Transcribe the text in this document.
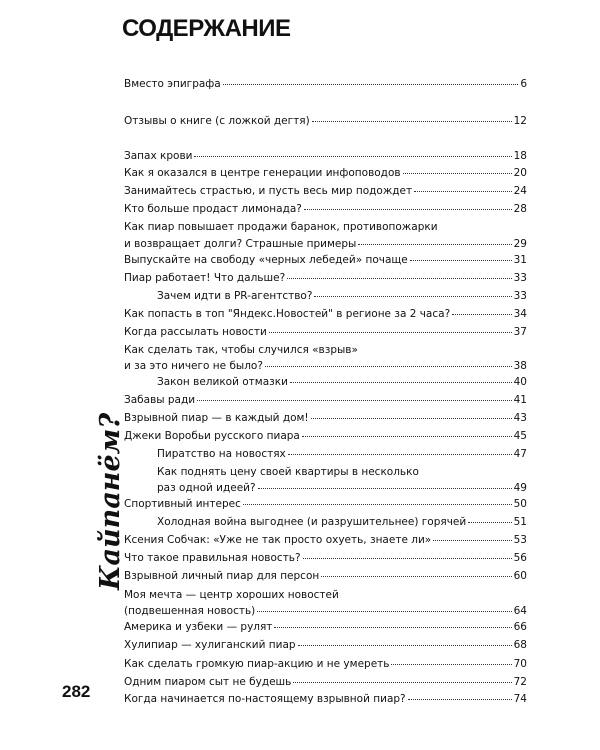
СОДЕРЖАНИЕ
Вместо эпиграфа	6
Отзывы о книге (с ложкой дегтя)	12
Запах крови	18
Как я оказался в центре генерации инфоповодов	20
Занимайтесь страстью, и пусть весь мир подождет	24
Кто больше продаст лимонада?	28
Как пиар повышает продажи баранок, противопожарки
и возвращает долги? Страшные примеры	29
Выпускайте на свободу «черных лебедей» почаще	31
Пиар работает! Что дальше?	33
Зачем идти в PR-агентство?	33
Как попасть в топ "Яндекс.Новостей" в регионе за 2 часа?	34
Когда рассылать новости	37
Как сделать так, чтобы случился «взрыв»
и за это ничего не было?	38
Закон великой отмазки	40
Забавы ради	41
Взрывной пиар — в каждый дом!	43
Джеки Воробьи русского пиара	45
Пиратство на новостях	47
Как поднять цену своей квартиры в несколько
раз одной идеей?	49
Спортивный интерес	50
Холодная война выгоднее (и разрушительнее) горячей	51
Ксения Собчак: «Уже не так просто охуеть, знаете ли»	53
Что такое правильная новость?	56
Взрывной личный пиар для персон	60
Моя мечта — центр хороших новостей
(подвешенная новость)	64
Америка и узбеки — рулят	66
Хулипиар — хулиганский пиар	68
Как сделать громкую пиар-акцию и не умереть	70
Одним пиаром сыт не будешь	72
Когда начинается по-настоящему взрывной пиар?	74
Кайпанём?
282
